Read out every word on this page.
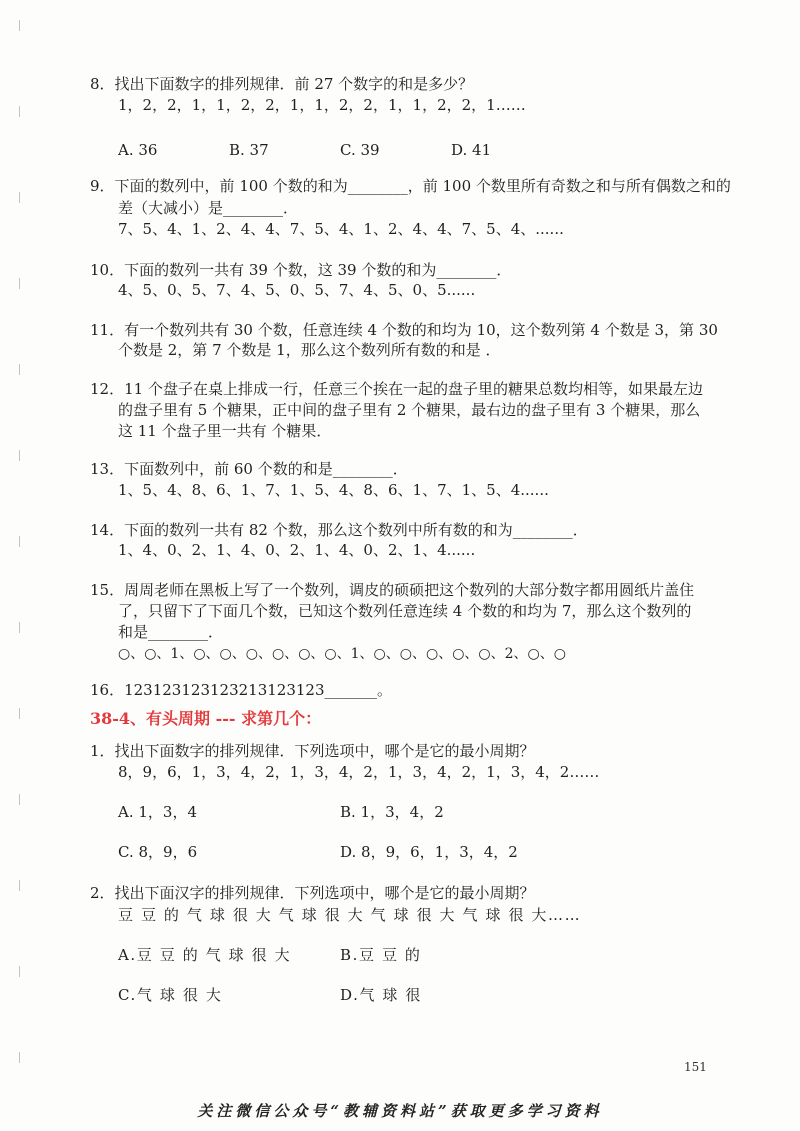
8．找出下面数字的排列规律．前 27 个数字的和是多少？
1，2，2，1，1，2，2，1，1，2，2，1，1，2，2，1……
A. 36	B. 37	C. 39	D. 41
9．下面的数列中，前 100 个数的和为________，前 100 个数里所有奇数之和与所有偶数之和的
差（大减小）是________．
7、5、4、1、2、4、4、7、5、4、1、2、4、4、7、5、4、......
10．下面的数列一共有 39 个数，这 39 个数的和为________．
4、5、0、5、7、4、5、0、5、7、4、5、0、5......
11．有一个数列共有 30 个数，任意连续 4 个数的和均为 10，这个数列第 4 个数是 3，第 30
个数是 2，第 7 个数是 1，那么这个数列所有数的和是 ．
12．11 个盘子在桌上排成一行，任意三个挨在一起的盘子里的糖果总数均相等，如果最左边
的盘子里有 5 个糖果，正中间的盘子里有 2 个糖果，最右边的盘子里有 3 个糖果，那么
这 11 个盘子里一共有 个糖果．
13．下面数列中，前 60 个数的和是________．
1、5、4、8、6、1、7、1、5、4、8、6、1、7、1、5、4......
14．下面的数列一共有 82 个数，那么这个数列中所有数的和为________．
1、4、0、2、1、4、0、2、1、4、0、2、1、4......
15．周周老师在黑板上写了一个数列，调皮的硕硕把这个数列的大部分数字都用圆纸片盖住
了，只留下了下面几个数，已知这个数列任意连续 4 个数的和均为 7，那么这个数列的
和是________．
○、○、1、○、○、○、○、○、○、1、○、○、○、○、○、2、○、○
16．123123123123213123123_______。
38-4、有头周期 --- 求第几个：
1．找出下面数字的排列规律．下列选项中，哪个是它的最小周期？
8，9，6，1，3，4，2，1，3，4，2，1，3，4，2，1，3，4，2……
A. 1，3，4	B. 1，3，4，2
C. 8，9，6	D. 8，9，6，1，3，4，2
2．找出下面汉字的排列规律．下列选项中，哪个是它的最小周期？
豆 豆 的 气 球 很 大 气 球 很 大 气 球 很 大 气 球 很 大……
A.豆 豆 的 气 球 很 大	B.豆 豆 的
C.气 球 很 大	D.气 球 很
151
关注微信公众号“教辅资料站”获取更多学习资料
